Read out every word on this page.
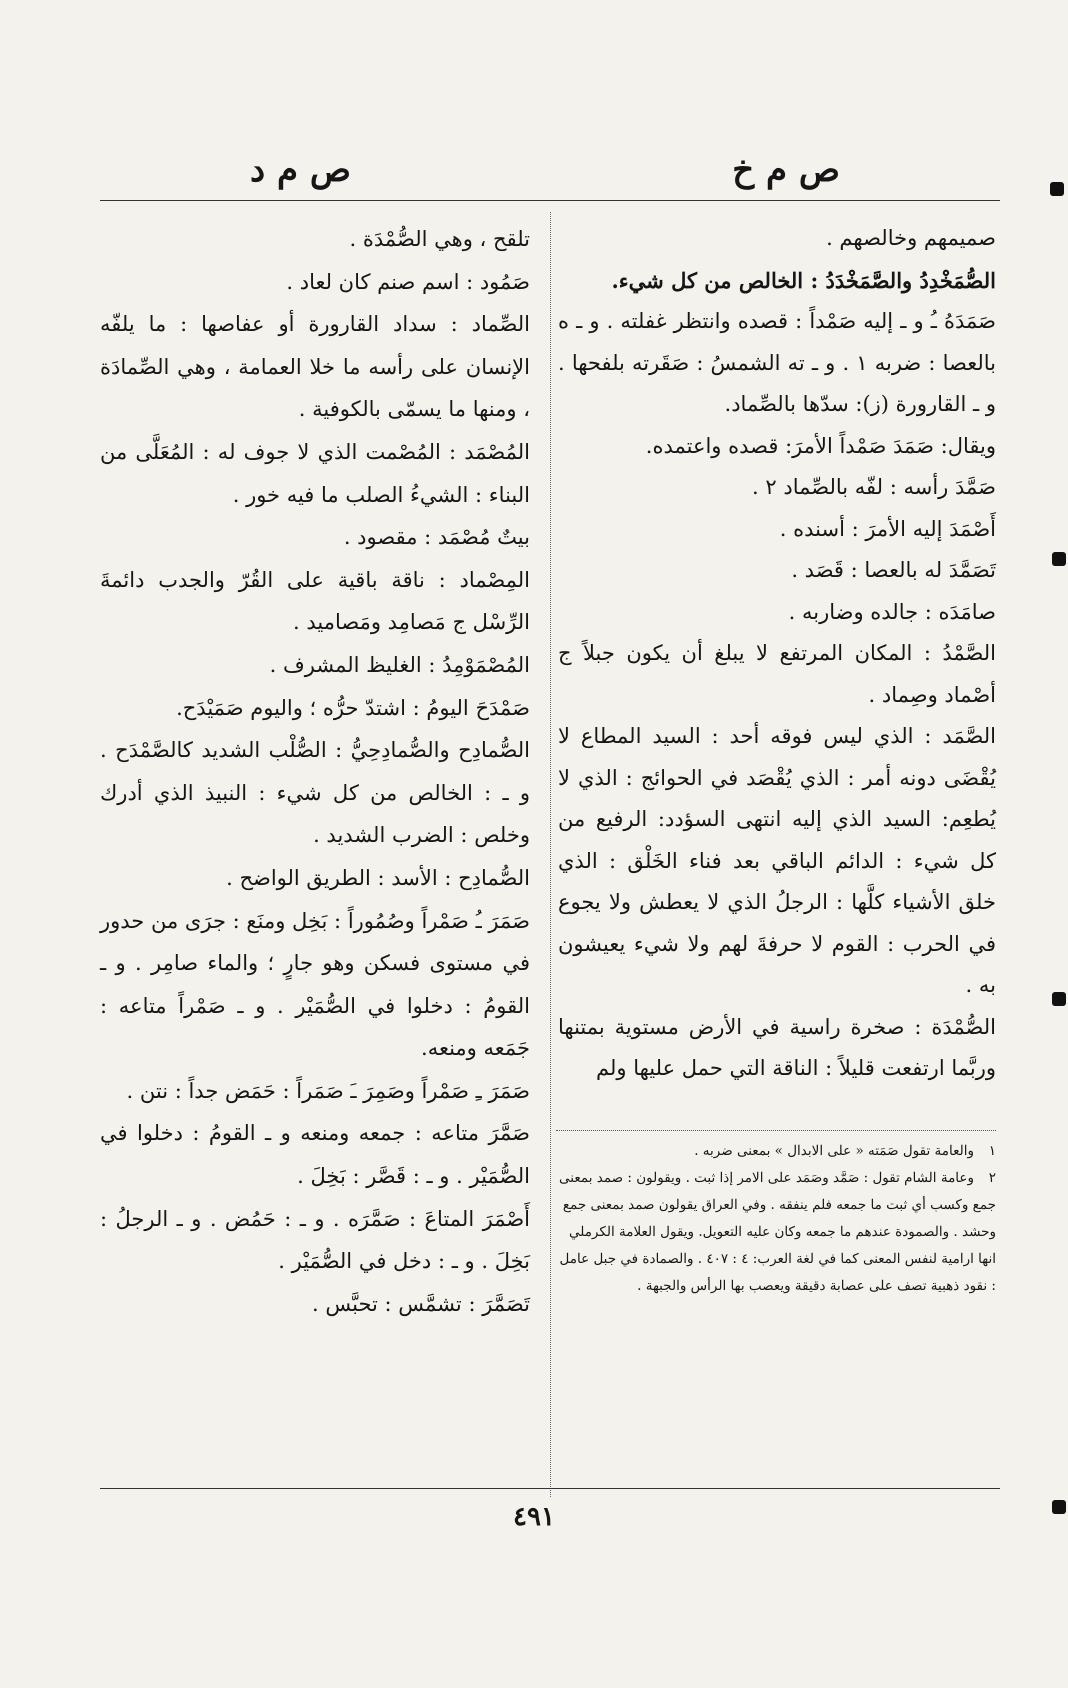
ص م خ
ص م د

صميمهم وخالصهم .

الصُّمَخْدِدُ والصَّمَخْدَدُ : الخالص من كل شيء.

صَمَدَهُ ـُ و ـ إليه صَمْداً : قصده وانتظر غفلته . و ـ ه بالعصا : ضربه ١ . و ـ ته الشمسُ : صَقَرته بلفحها . و ـ القارورة (ز): سدّها بالصِّماد.

ويقال: صَمَدَ صَمْداً الأمرَ: قصده واعتمده.

صَمَّدَ رأسه : لفّه بالصِّماد ٢ .

أَصْمَدَ إليه الأمرَ : أسنده .

تَصَمَّدَ له بالعصا : قَصَد .

صامَدَه : جالده وضاربه .

الصَّمْدُ : المكان المرتفع لا يبلغ أن يكون جبلاً ج أصْماد وصِماد .

الصَّمَد : الذي ليس فوقه أحد : السيد المطاع لا يُقْضَى دونه أمر : الذي يُقْصَد في الحوائج : الذي لا يُطعِم: السيد الذي إليه انتهى السؤدد: الرفيع من كل شيء : الدائم الباقي بعد فناء الخَلْق : الذي خلق الأشياء كلَّها : الرجلُ الذي لا يعطش ولا يجوع في الحرب : القوم لا حرفةَ لهم ولا شيء يعيشون به .

الصُّمْدَة : صخرة راسية في الأرض مستوية بمتنها وربَّما ارتفعت قليلاً : الناقة التي حمل عليها ولم

١والعامة تقول صَمَته « على الابدال » بمعنى ضربه .

٢وعامة الشام تقول : صَمَّد وصَمَد على الامر إذا ثبت . ويقولون : صمد بمعنى جمع وكسب أي ثبت ما جمعه فلم ينفقه . وفي العراق يقولون صمد بمعنى جمع وحشد . والصمودة عندهم ما جمعه وكان عليه التعويل. ويقول العلامة الكرملي انها ارامية لنفس المعنى كما في لغة العرب: ٤ : ٤٠٧ . والصمادة في جبل عامل : نقود ذهبية تصف على عصابة دقيقة ويعصب بها الرأس والجبهة .

تلقح ، وهي الصُّمْدَة .

صَمُود : اسم صنم كان لعاد .

الصِّماد : سداد القارورة أو عفاصها : ما يلفّه الإنسان على رأسه ما خلا العمامة ، وهي الصِّمادَة ، ومنها ما يسمّى بالكوفية .

المُصْمَد : المُصْمت الذي لا جوف له : المُعَلَّى من البناء : الشيءُ الصلب ما فيه خور .

بيتٌ مُصْمَد : مقصود .

المِصْماد : ناقة باقية على القُرّ والجدب دائمةَ الرِّسْل ج مَصامِد ومَصاميد .

المُصْمَوْمِدُ : الغليظ المشرف .

صَمْدَحَ اليومُ : اشتدّ حرُّه ؛ واليوم صَمَيْدَح.

الصُّمادِح والصُّمادِحِيُّ : الصُّلْب الشديد كالصَّمْدَح . و ـ : الخالص من كل شيء : النبيذ الذي أدرك وخلص : الضرب الشديد .

الصُّمادِح : الأسد : الطريق الواضح .

صَمَرَ ـُ صَمْراً وصُمُوراً : بَخِل ومنَع : جرَى من حدور في مستوى فسكن وهو جارٍ ؛ والماء صامِر . و ـ القومُ : دخلوا في الصُّمَيْر . و ـ صَمْراً متاعه : جَمَعه ومنعه.

صَمَرَ ـِ صَمْراً وصَمِرَ ـَ صَمَراً : حَمَض جداً : نتن .

صَمَّرَ متاعه : جمعه ومنعه و ـ القومُ : دخلوا في الصُّمَيْر . و ـ : قَصَّر : بَخِلَ .

أَصْمَرَ المتاعَ : صَمَّرَه . و ـ : حَمُض . و ـ الرجلُ : بَخِلَ . و ـ : دخل في الصُّمَيْر .

تَصَمَّرَ : تشمَّس : تحبَّس .

٤٩١
